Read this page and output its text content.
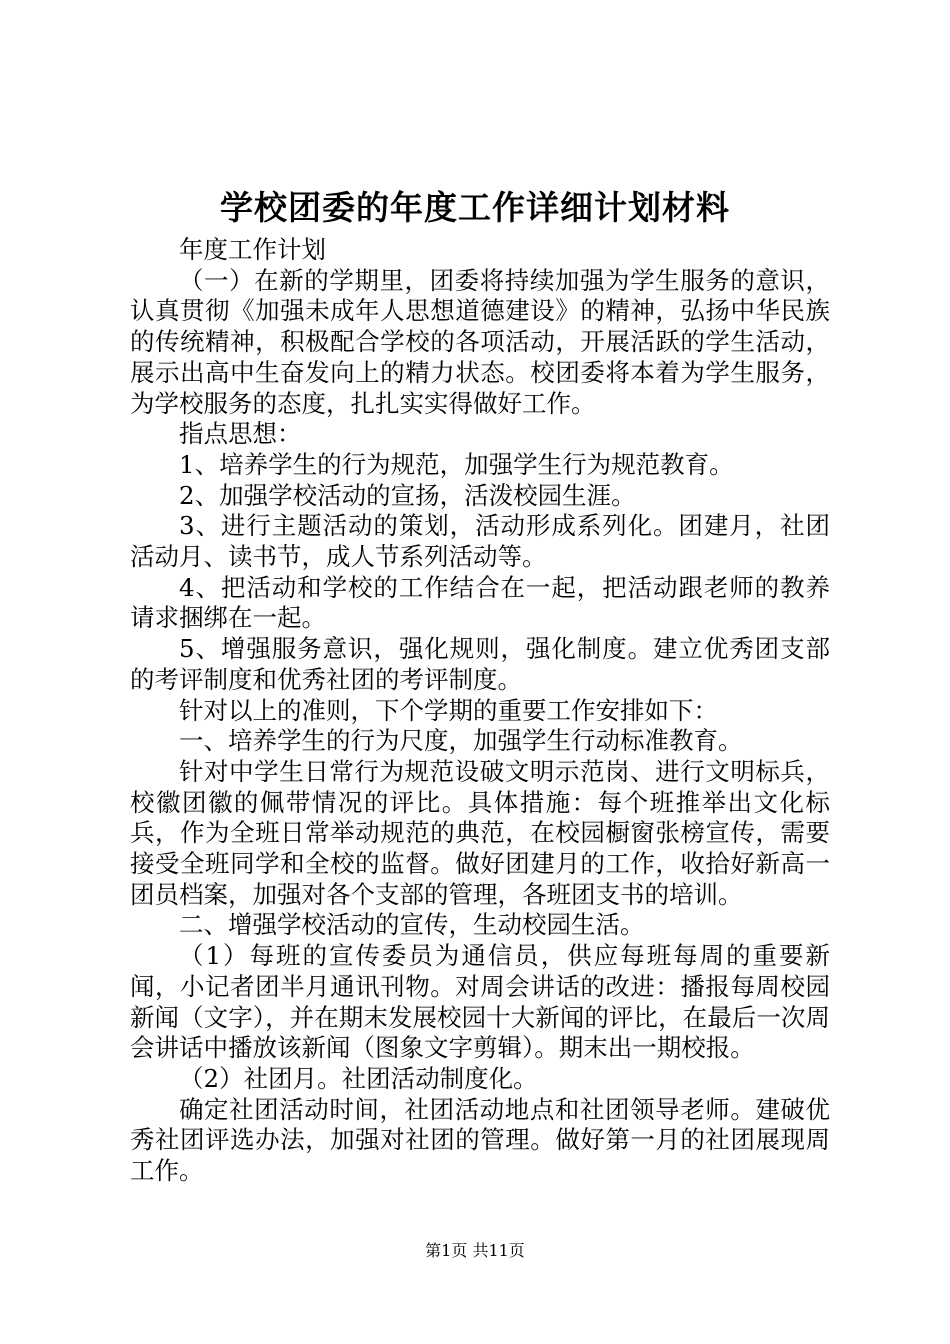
学校团委的年度工作详细计划材料

年度工作计划

（一）在新的学期里，团委将持续加强为学生服务的意识，认真贯彻《加强未成年人思想道德建设》的精神，弘扬中华民族的传统精神，积极配合学校的各项活动，开展活跃的学生活动，展示出高中生奋发向上的精力状态。校团委将本着为学生服务，为学校服务的态度，扎扎实实得做好工作。

指点思想：

1、培养学生的行为规范，加强学生行为规范教育。

2、加强学校活动的宣扬，活泼校园生涯。

3、进行主题活动的策划，活动形成系列化。团建月，社团活动月、读书节，成人节系列活动等。

4、把活动和学校的工作结合在一起，把活动跟老师的教养请求捆绑在一起。

5、增强服务意识，强化规则，强化制度。建立优秀团支部的考评制度和优秀社团的考评制度。

针对以上的准则，下个学期的重要工作安排如下：

一、培养学生的行为尺度，加强学生行动标准教育。

针对中学生日常行为规范设破文明示范岗、进行文明标兵，校徽团徽的佩带情况的评比。具体措施：每个班推举出文化标兵，作为全班日常举动规范的典范，在校园橱窗张榜宣传，需要接受全班同学和全校的监督。做好团建月的工作，收拾好新高一团员档案，加强对各个支部的管理，各班团支书的培训。

二、增强学校活动的宣传，生动校园生活。

（1）每班的宣传委员为通信员，供应每班每周的重要新闻，小记者团半月通讯刊物。对周会讲话的改进：播报每周校园新闻（文字），并在期末发展校园十大新闻的评比，在最后一次周会讲话中播放该新闻（图象文字剪辑）。期末出一期校报。

（2）社团月。社团活动制度化。

确定社团活动时间，社团活动地点和社团领导老师。建破优秀社团评选办法，加强对社团的管理。做好第一月的社团展现周工作。

第1页 共11页
